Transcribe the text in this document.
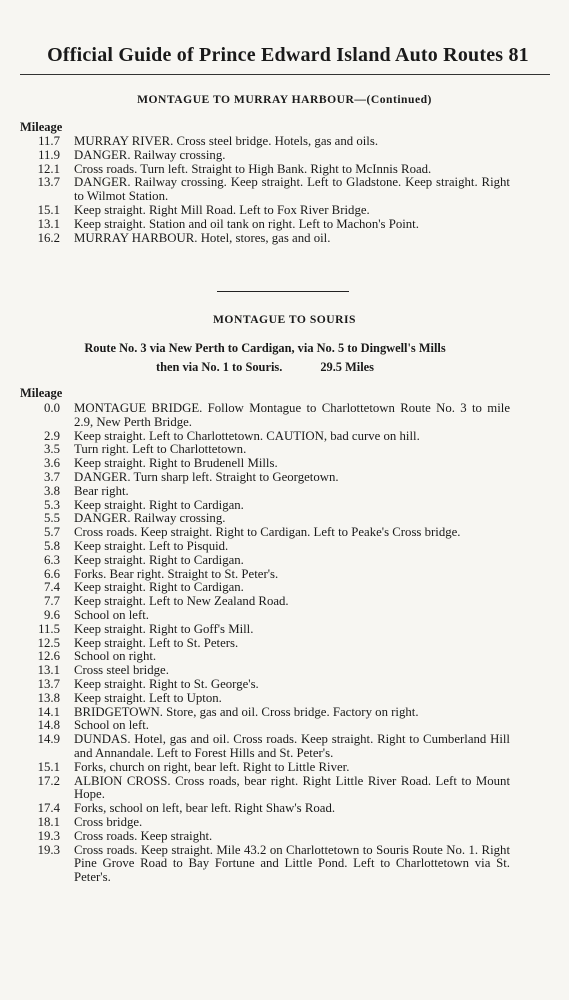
Official Guide of Prince Edward Island Auto Routes 81
MONTAGUE TO MURRAY HARBOUR—(Continued)
Mileage
11.7 MURRAY RIVER. Cross steel bridge. Hotels, gas and oils.
11.9 DANGER. Railway crossing.
12.1 Cross roads. Turn left. Straight to High Bank. Right to McInnis Road.
13.7 DANGER. Railway crossing. Keep straight. Left to Gladstone. Keep straight. Right to Wilmot Station.
15.1 Keep straight. Right Mill Road. Left to Fox River Bridge.
13.1 Keep straight. Station and oil tank on right. Left to Machon's Point.
16.2 MURRAY HARBOUR. Hotel, stores, gas and oil.
MONTAGUE TO SOURIS
Route No. 3 via New Perth to Cardigan, via No. 5 to Dingwell's Mills
then via No. 1 to Souris.	29.5 Miles
Mileage
0.0 MONTAGUE BRIDGE. Follow Montague to Charlottetown Route No. 3 to mile 2.9, New Perth Bridge.
2.9 Keep straight. Left to Charlottetown. CAUTION, bad curve on hill.
3.5 Turn right. Left to Charlottetown.
3.6 Keep straight. Right to Brudenell Mills.
3.7 DANGER. Turn sharp left. Straight to Georgetown.
3.8 Bear right.
5.3 Keep straight. Right to Cardigan.
5.5 DANGER. Railway crossing.
5.7 Cross roads. Keep straight. Right to Cardigan. Left to Peake's Cross bridge.
5.8 Keep straight. Left to Pisquid.
6.3 Keep straight. Right to Cardigan.
6.6 Forks. Bear right. Straight to St. Peter's.
7.4 Keep straight. Right to Cardigan.
7.7 Keep straight. Left to New Zealand Road.
9.6 School on left.
11.5 Keep straight. Right to Goff's Mill.
12.5 Keep straight. Left to St. Peters.
12.6 School on right.
13.1 Cross steel bridge.
13.7 Keep straight. Right to St. George's.
13.8 Keep straight. Left to Upton.
14.1 BRIDGETOWN. Store, gas and oil. Cross bridge. Factory on right.
14.8 School on left.
14.9 DUNDAS. Hotel, gas and oil. Cross roads. Keep straight. Right to Cumberland Hill and Annandale. Left to Forest Hills and St. Peter's.
15.1 Forks, church on right, bear left. Right to Little River.
17.2 ALBION CROSS. Cross roads, bear right. Right Little River Road. Left to Mount Hope.
17.4 Forks, school on left, bear left. Right Shaw's Road.
18.1 Cross bridge.
19.3 Cross roads. Keep straight.
19.3 Cross roads. Keep straight. Mile 43.2 on Charlottetown to Souris Route No. 1. Right Pine Grove Road to Bay Fortune and Little Pond. Left to Charlottetown via St. Peter's.
